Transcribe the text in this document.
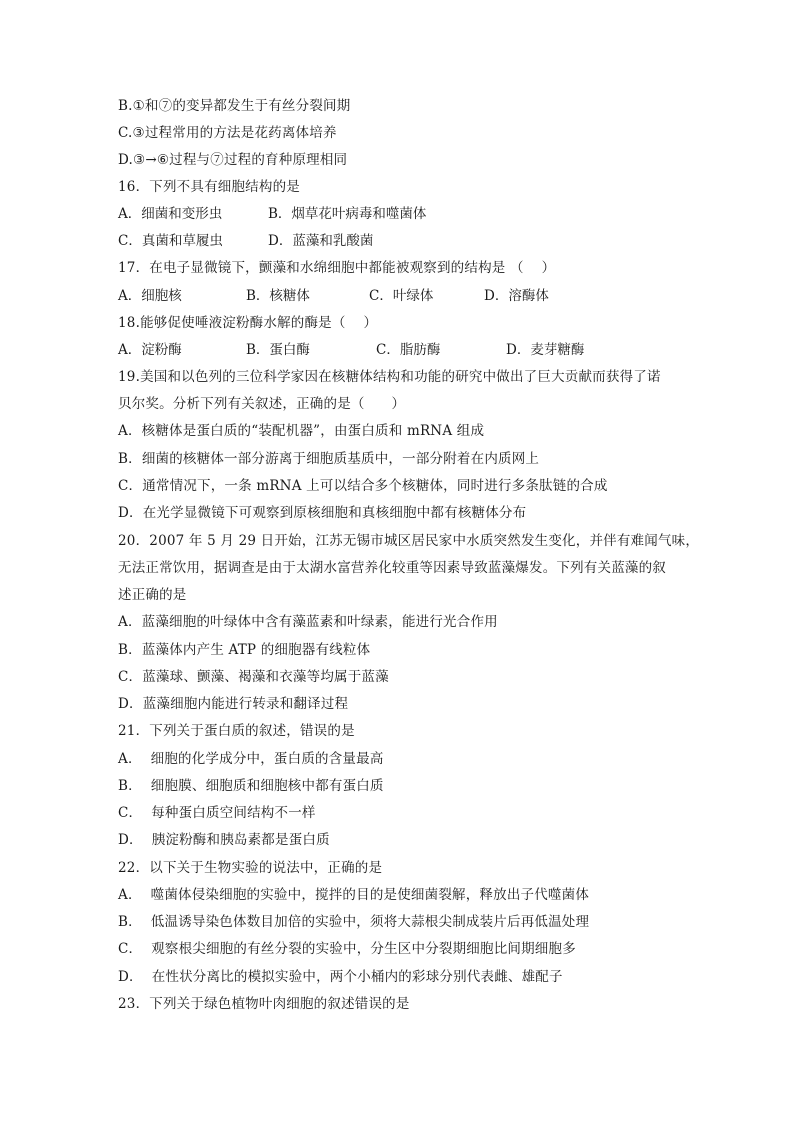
B.①和⑦的变异都发生于有丝分裂间期
C.③过程常用的方法是花药离体培养
D.③→⑥过程与⑦过程的育种原理相同
16．下列不具有细胞结构的是

A．细菌和变形虫

	B．烟草花叶病毒和噬菌体

C．真菌和草履虫

	D．蓝藻和乳酸菌

17．在电子显微镜下，颤藻和水绵细胞中都能被观察到的结构是 （    ）

A．细胞核

	B．核糖体

	C．叶绿体

	D．溶酶体

18.能够促使唾液淀粉酶水解的酶是（    ）

A．淀粉酶

	B．蛋白酶

	C．脂肪酶

	D．麦芽糖酶

19.美国和以色列的三位科学家因在核糖体结构和功能的研究中做出了巨大贡献而获得了诺
贝尔奖。分析下列有关叙述，正确的是（      ）
A．核糖体是蛋白质的“装配机器”，由蛋白质和 mRNA 组成
B．细菌的核糖体一部分游离于细胞质基质中，一部分附着在内质网上
C．通常情况下，一条 mRNA 上可以结合多个核糖体，同时进行多条肽链的合成
D．在光学显微镜下可观察到原核细胞和真核细胞中都有核糖体分布
20．2007 年 5 月 29 日开始，江苏无锡市城区居民家中水质突然发生变化，并伴有难闻气味，
无法正常饮用，据调查是由于太湖水富营养化较重等因素导致蓝藻爆发。下列有关蓝藻的叙
述正确的是
A．蓝藻细胞的叶绿体中含有藻蓝素和叶绿素，能进行光合作用
B．蓝藻体内产生 ATP 的细胞器有线粒体
C．蓝藻球、颤藻、褐藻和衣藻等均属于蓝藻
D．蓝藻细胞内能进行转录和翻译过程
21．下列关于蛋白质的叙述，错误的是
A．  细胞的化学成分中，蛋白质的含量最高
B．  细胞膜、细胞质和细胞核中都有蛋白质
C．  每种蛋白质空间结构不一样
D．  胰淀粉酶和胰岛素都是蛋白质
22．以下关于生物实验的说法中，正确的是
A．  噬菌体侵染细胞的实验中，搅拌的目的是使细菌裂解，释放出子代噬菌体
B．  低温诱导染色体数目加倍的实验中，须将大蒜根尖制成装片后再低温处理
C．  观察根尖细胞的有丝分裂的实验中，分生区中分裂期细胞比间期细胞多
D．  在性状分离比的模拟实验中，两个小桶内的彩球分别代表雌、雄配子
23．下列关于绿色植物叶肉细胞的叙述错误的是
